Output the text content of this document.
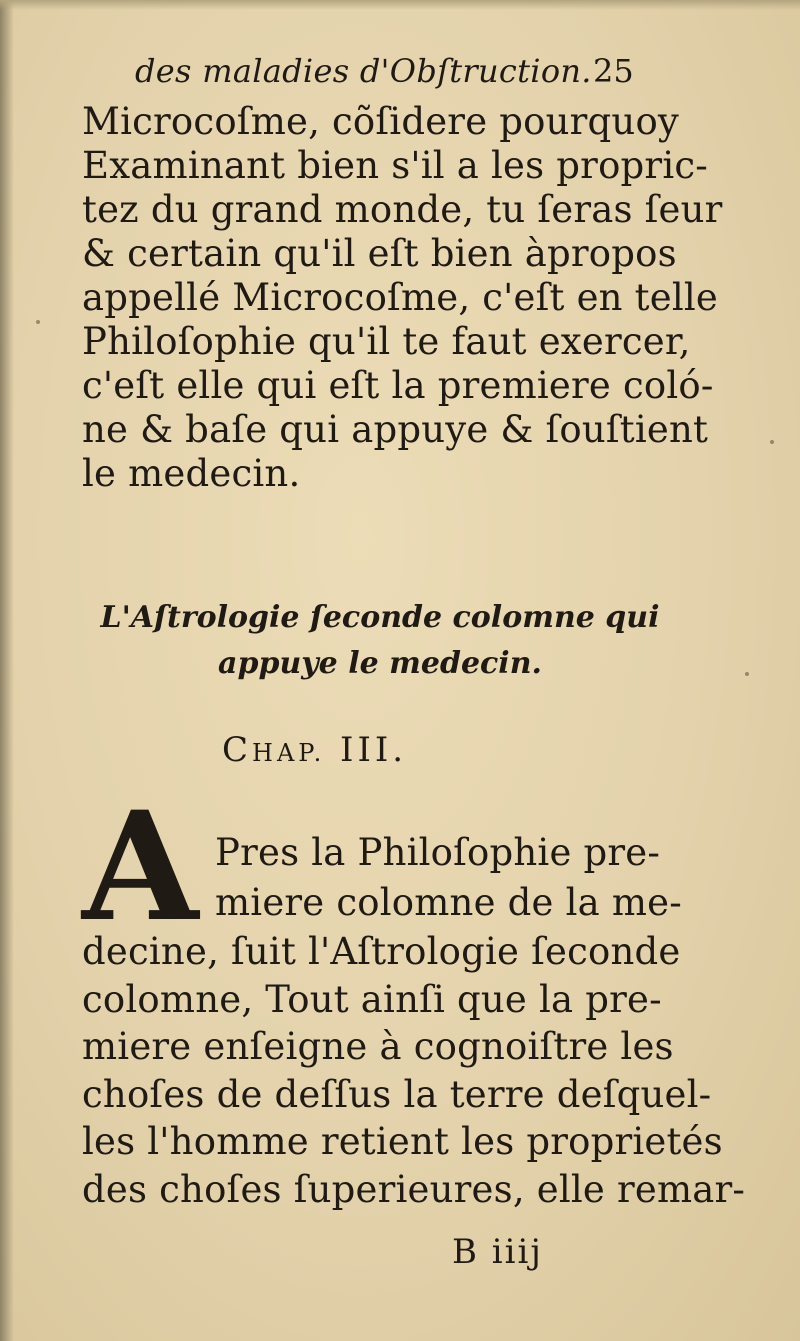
des maladies d'Obſtruction. 25
Microcoſme, cõſidere pourquoy
Examinant bien s'il a les propric-
tez du grand monde, tu ſeras ſeur
& certain qu'il eſt bien àpropos
appellé Microcoſme, c'eſt en telle
Philoſophie qu'il te faut exercer,
c'eſt elle qui eſt la premiere coló-
ne & baſe qui appuye & ſouſtient
le medecin.
L'Aſtrologie ſeconde colomne qui
appuye le medecin.
CHAP. III.
A Pres la Philoſophie pre-
miere colomne de la me-
decine, ſuit l'Aſtrologie ſeconde
colomne, Tout ainſi que la pre-
miere enſeigne à cognoiſtre les
choſes de deſſus la terre deſquel-
les l'homme retient les proprietés
des choſes ſuperieures, elle remar-
B iiij
